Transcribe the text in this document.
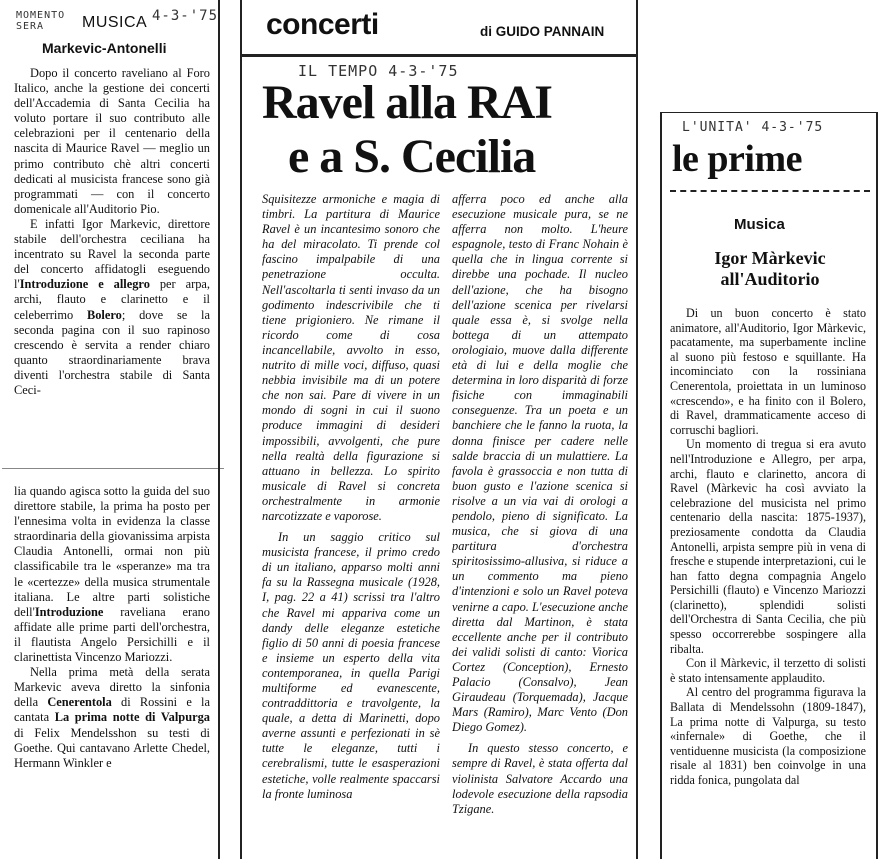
MOMENTO SERA	MUSICA 4-3-'75
Markevic-Antonelli

Dopo il concerto raveliano al Foro Italico, anche la gestione dei concerti dell'Accademia di Santa Cecilia ha voluto portare il suo contributo alle celebrazioni per il centenario della nascita di Maurice Ravel — meglio un primo contributo chè altri concerti dedicati al musicista francese sono già programmati — con il concerto domenicale all'Auditorio Pio.

E infatti Igor Markevic, direttore stabile dell'orchestra ceciliana ha incentrato su Ravel la seconda parte del concerto affidatogli eseguendo l'Introduzione e allegro per arpa, archi, flauto e clarinetto e il celeberrimo Bolero; dove se la seconda pagina con il suo rapinoso crescendo è servita a render chiaro quanto straordinariamente brava diventi l'orchestra stabile di Santa Ceci-

lia quando agisca sotto la guida del suo direttore stabile, la prima ha posto per l'ennesima volta in evidenza la classe straordinaria della giovanissima arpista Claudia Antonelli, ormai non più classificabile tra le «speranze» ma tra le «certezze» della musica strumentale italiana. Le altre parti solistiche dell'Introduzione raveliana erano affidate alle prime parti dell'orchestra, il flautista Angelo Persichilli e il clarinettista Vincenzo Mariozzi.

Nella prima metà della serata Markevic aveva diretto la sinfonia della Cenerentola di Rossini e la cantata La prima notte di Valpurga di Felix Mendelsshon su testi di Goethe. Qui cantavano Arlette Chedel, Hermann Winkler e

concerti	di GUIDO PANNAIN
IL TEMPO 4-3-'75
Ravel alla RAI
e a S. Cecilia

Squisitezze armoniche e magia di timbri. La partitura di Maurice Ravel è un incantesimo sonoro che ha del miracolato. Ti prende col fascino impalpabile di una penetrazione occulta. Nell'ascoltarla ti senti invaso da un godimento indescrivibile che ti tiene prigioniero. Ne rimane il ricordo come di cosa incancellabile, avvolto in esso, nutrito di mille voci, diffuso, quasi nebbia invisibile ma di un potere che non sai. Pare di vivere in un mondo di sogni in cui il suono produce immagini di desideri impossibili, avvolgenti, che pure nella realtà della figurazione si attuano in bellezza. Lo spirito musicale di Ravel si concreta orchestralmente in armonie narcotizzate e vaporose.

In un saggio critico sul musicista francese, il primo credo di un italiano, apparso molti anni fa su la Rassegna musicale (1928, I, pag. 22 a 41) scrissi tra l'altro che Ravel mi appariva come un dandy delle eleganze estetiche figlio di 50 anni di poesia francese e insieme un esperto della vita contemporanea, in quella Parigi multiforme ed evanescente, contraddittoria e travolgente, la quale, a detta di Marinetti, dopo averne assunti e perfezionati in sè tutte le eleganze, tutti i cerebralismi, tutte le esasperazioni estetiche, volle realmente spaccarsi la fronte luminosa

afferra poco ed anche alla esecuzione musicale pura, se ne afferra non molto. L'heure espagnole, testo di Franc Nohain è quella che in lingua corrente si direbbe una pochade. Il nucleo dell'azione, che ha bisogno dell'azione scenica per rivelarsi quale essa è, si svolge nella bottega di un attempato orologiaio, muove dalla differente età di lui e della moglie che determina in loro disparità di forze fisiche con immaginabili conseguenze. Tra un poeta e un banchiere che le fanno la ruota, la donna finisce per cadere nelle salde braccia di un mulattiere. La favola è grassoccia e non tutta di buon gusto e l'azione scenica si risolve a un via vai di orologi a pendolo, pieno di significato. La musica, che si giova di una partitura d'orchestra spiritosissimo-allusiva, si riduce a un commento ma pieno d'intenzioni e solo un Ravel poteva venirne a capo. L'esecuzione anche diretta dal Martinon, è stata eccellente anche per il contributo dei validi solisti di canto: Viorica Cortez (Conception), Ernesto Palacio (Consalvo), Jean Giraudeau (Torquemada), Jacque Mars (Ramiro), Marc Vento (Don Diego Gomez).

In questo stesso concerto, e sempre di Ravel, è stata offerta dal violinista Salvatore Accardo una lodevole esecuzione della rapsodia Tzigane.

L'UNITA' 4-3-'75
le prime
Musica
Igor Màrkevic all'Auditorio

Di un buon concerto è stato animatore, all'Auditorio, Igor Màrkevic, pacatamente, ma superbamente incline al suono più festoso e squillante. Ha incominciato con la rossiniana Cenerentola, proiettata in un luminoso «crescendo», e ha finito con il Bolero, di Ravel, drammaticamente acceso di corruschi bagliori.

Un momento di tregua si era avuto nell'Introduzione e Allegro, per arpa, archi, flauto e clarinetto, ancora di Ravel (Màrkevic ha così avviato la celebrazione del musicista nel primo centenario della nascita: 1875-1937), preziosamente condotta da Claudia Antonelli, arpista sempre più in vena di fresche e stupende interpretazioni, cui le han fatto degna compagnia Angelo Persichilli (flauto) e Vincenzo Mariozzi (clarinetto), splendidi solisti dell'Orchestra di Santa Cecilia, che più spesso occorrerebbe sospingere alla ribalta.

Con il Màrkevic, il terzetto di solisti è stato intensamente applaudito.

Al centro del programma figurava la Ballata di Mendelssohn (1809-1847), La prima notte di Valpurga, su testo «infernale» di Goethe, che il ventiduenne musicista (la composizione risale al 1831) ben coinvolge in una ridda fonica, pungolata dal
